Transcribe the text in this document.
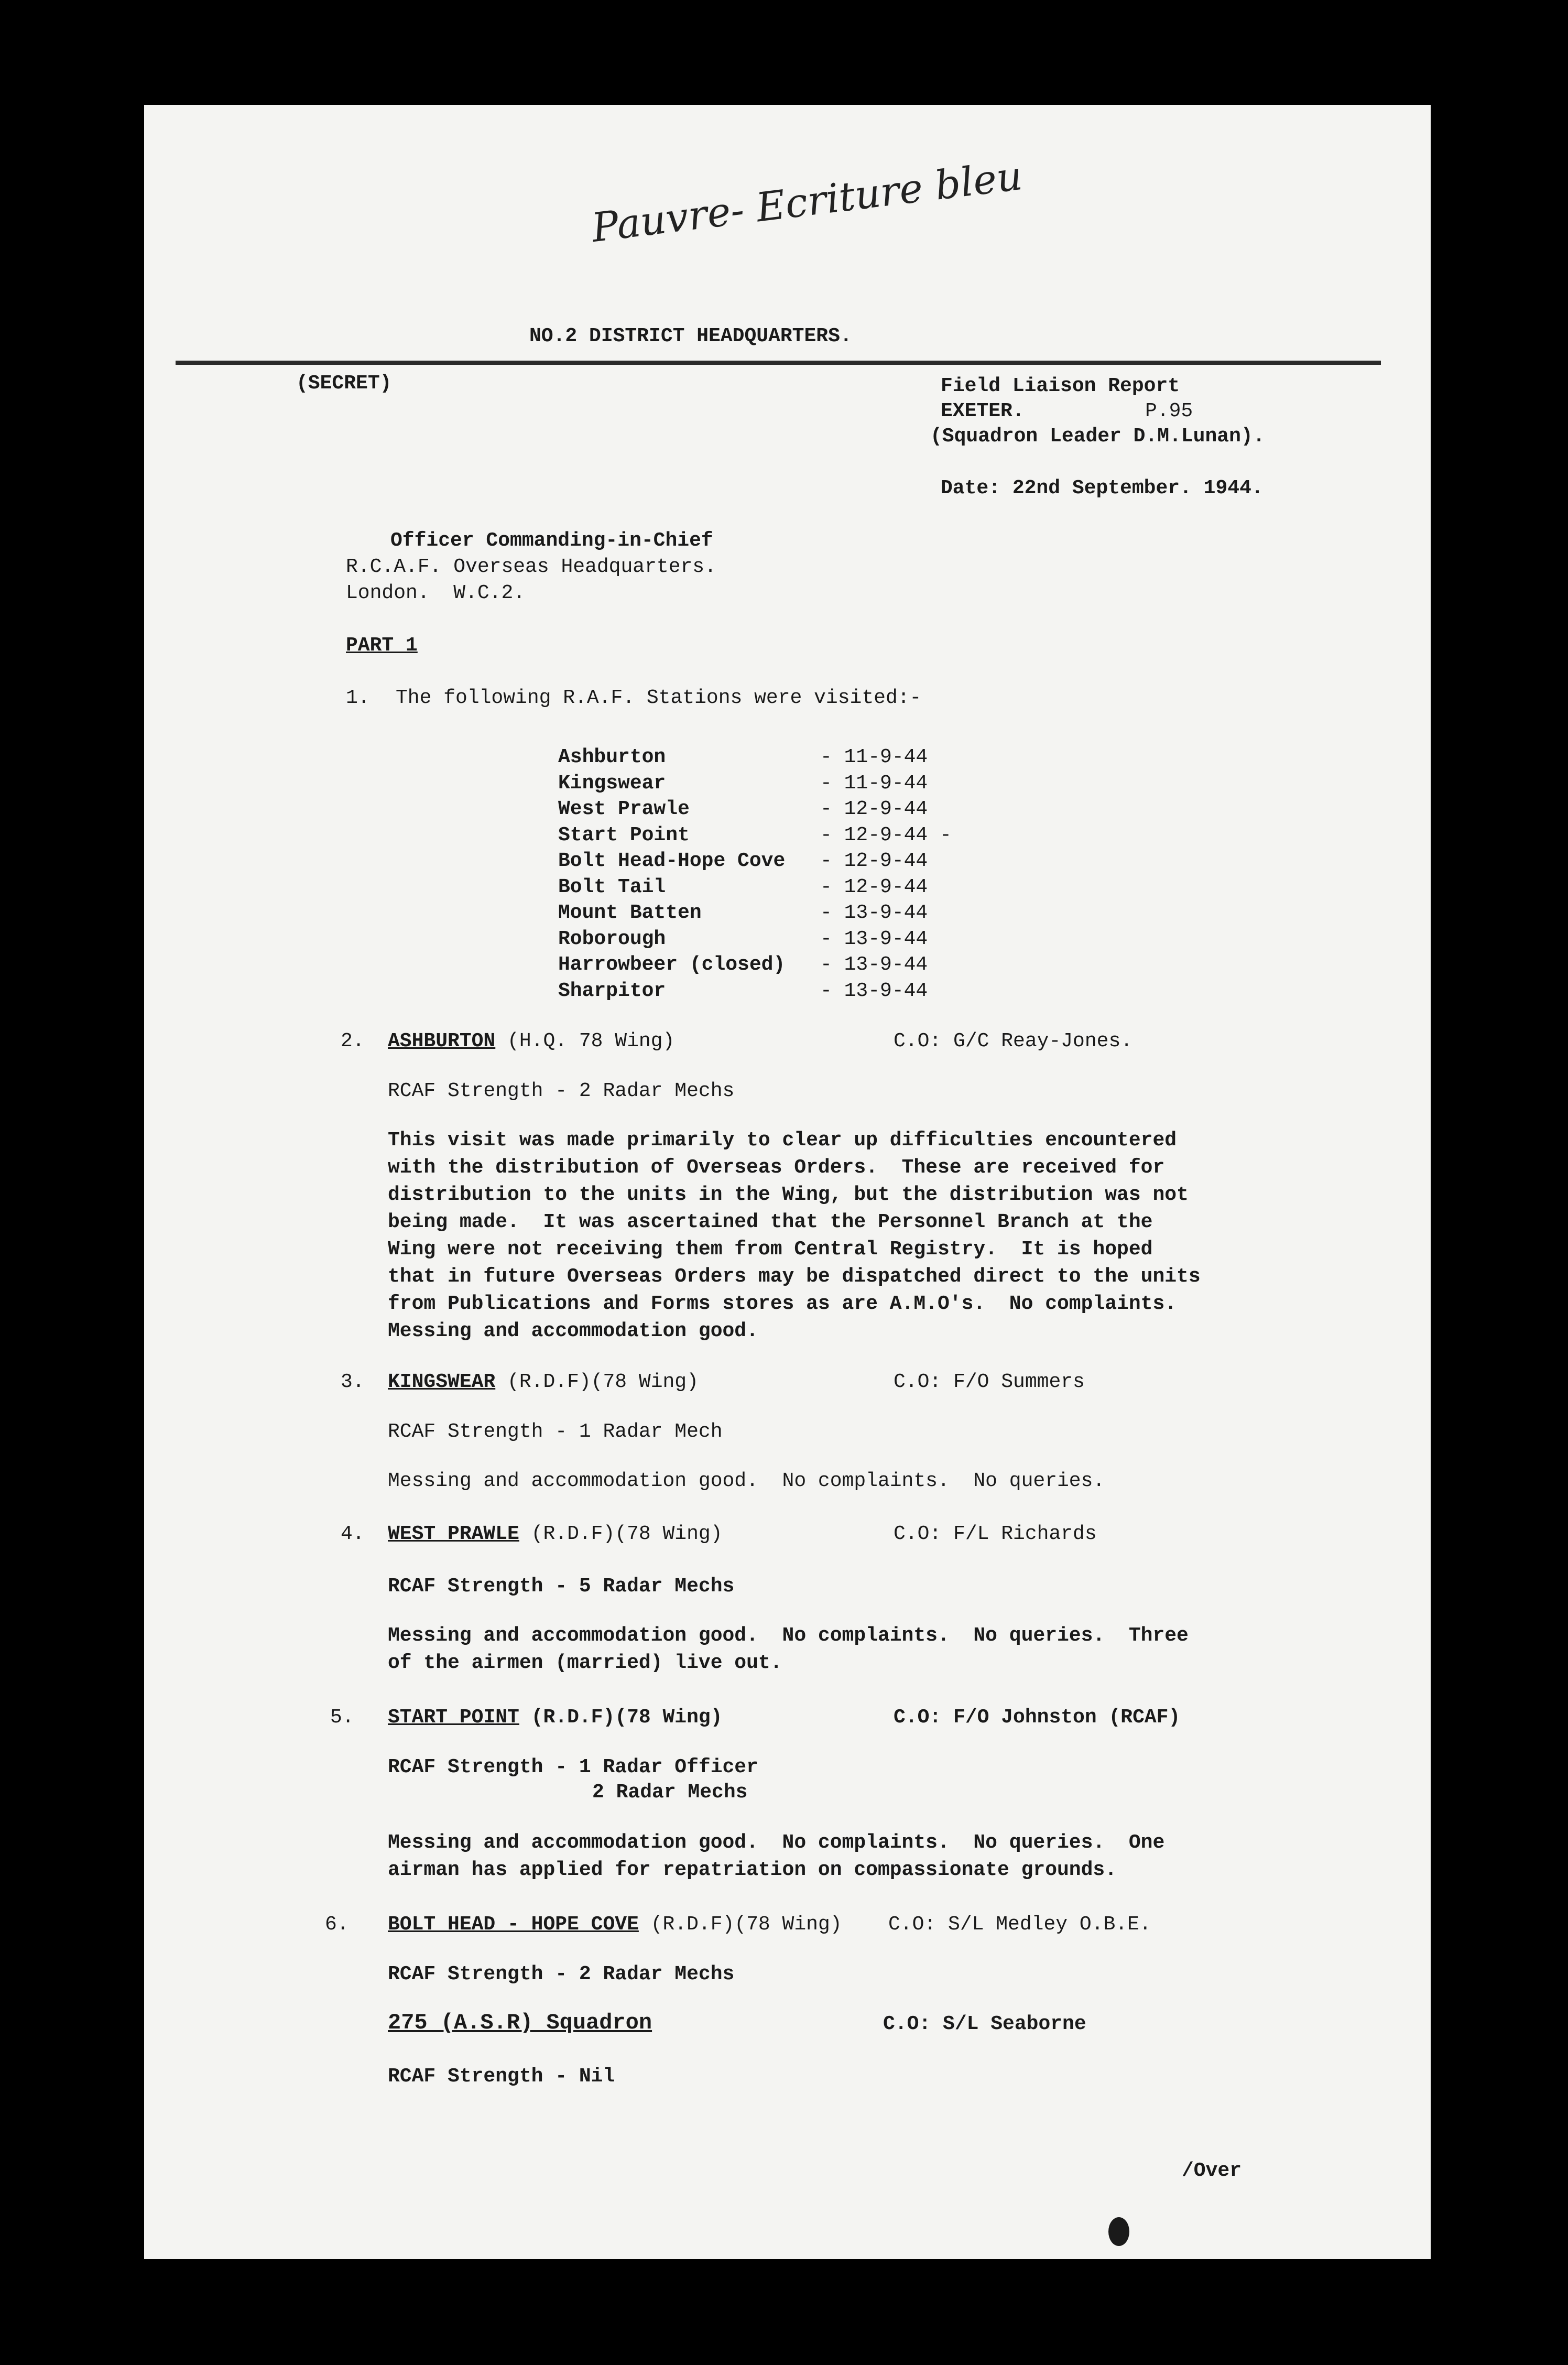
Pauvre- Ecriture bleu
NO.2 DISTRICT HEADQUARTERS.
(SECRET)	Field Liaison Report
EXETER.	P.95
(Squadron Leader D.M.Lunan).
Date: 22nd September. 1944.
Officer Commanding-in-Chief
R.C.A.F. Overseas Headquarters.
London.  W.C.2.
PART 1
1. The following R.A.F. Stations were visited:-
Ashburton	- 11-9-44
Kingswear	- 11-9-44
West Prawle	- 12-9-44
Start Point	- 12-9-44 -
Bolt Head-Hope Cove	- 12-9-44
Bolt Tail	- 12-9-44
Mount Batten	- 13-9-44
Roborough	- 13-9-44
Harrowbeer (closed)	- 13-9-44
Sharpitor	- 13-9-44
2. ASHBURTON (H.Q. 78 Wing)	C.O: G/C Reay-Jones.
RCAF Strength - 2 Radar Mechs
This visit was made primarily to clear up difficulties encountered
with the distribution of Overseas Orders.  These are received for
distribution to the units in the Wing, but the distribution was not
being made.  It was ascertained that the Personnel Branch at the
Wing were not receiving them from Central Registry.  It is hoped
that in future Overseas Orders may be dispatched direct to the units
from Publications and Forms stores as are A.M.O's.  No complaints.
Messing and accommodation good.
3. KINGSWEAR (R.D.F)(78 Wing)	C.O: F/O Summers
RCAF Strength - 1 Radar Mech
Messing and accommodation good.  No complaints.  No queries.
4. WEST PRAWLE (R.D.F)(78 Wing)	C.O: F/L Richards
RCAF Strength - 5 Radar Mechs
Messing and accommodation good.  No complaints.  No queries.  Three
of the airmen (married) live out.
5. START POINT (R.D.F)(78 Wing)	C.O: F/O Johnston (RCAF)
RCAF Strength - 1 Radar Officer
2 Radar Mechs
Messing and accommodation good.  No complaints.  No queries.  One
airman has applied for repatriation on compassionate grounds.
6. BOLT HEAD - HOPE COVE (R.D.F)(78 Wing) C.O: S/L Medley O.B.E.
RCAF Strength - 2 Radar Mechs
275 (A.S.R) Squadron	C.O: S/L Seaborne
RCAF Strength - Nil
/Over
